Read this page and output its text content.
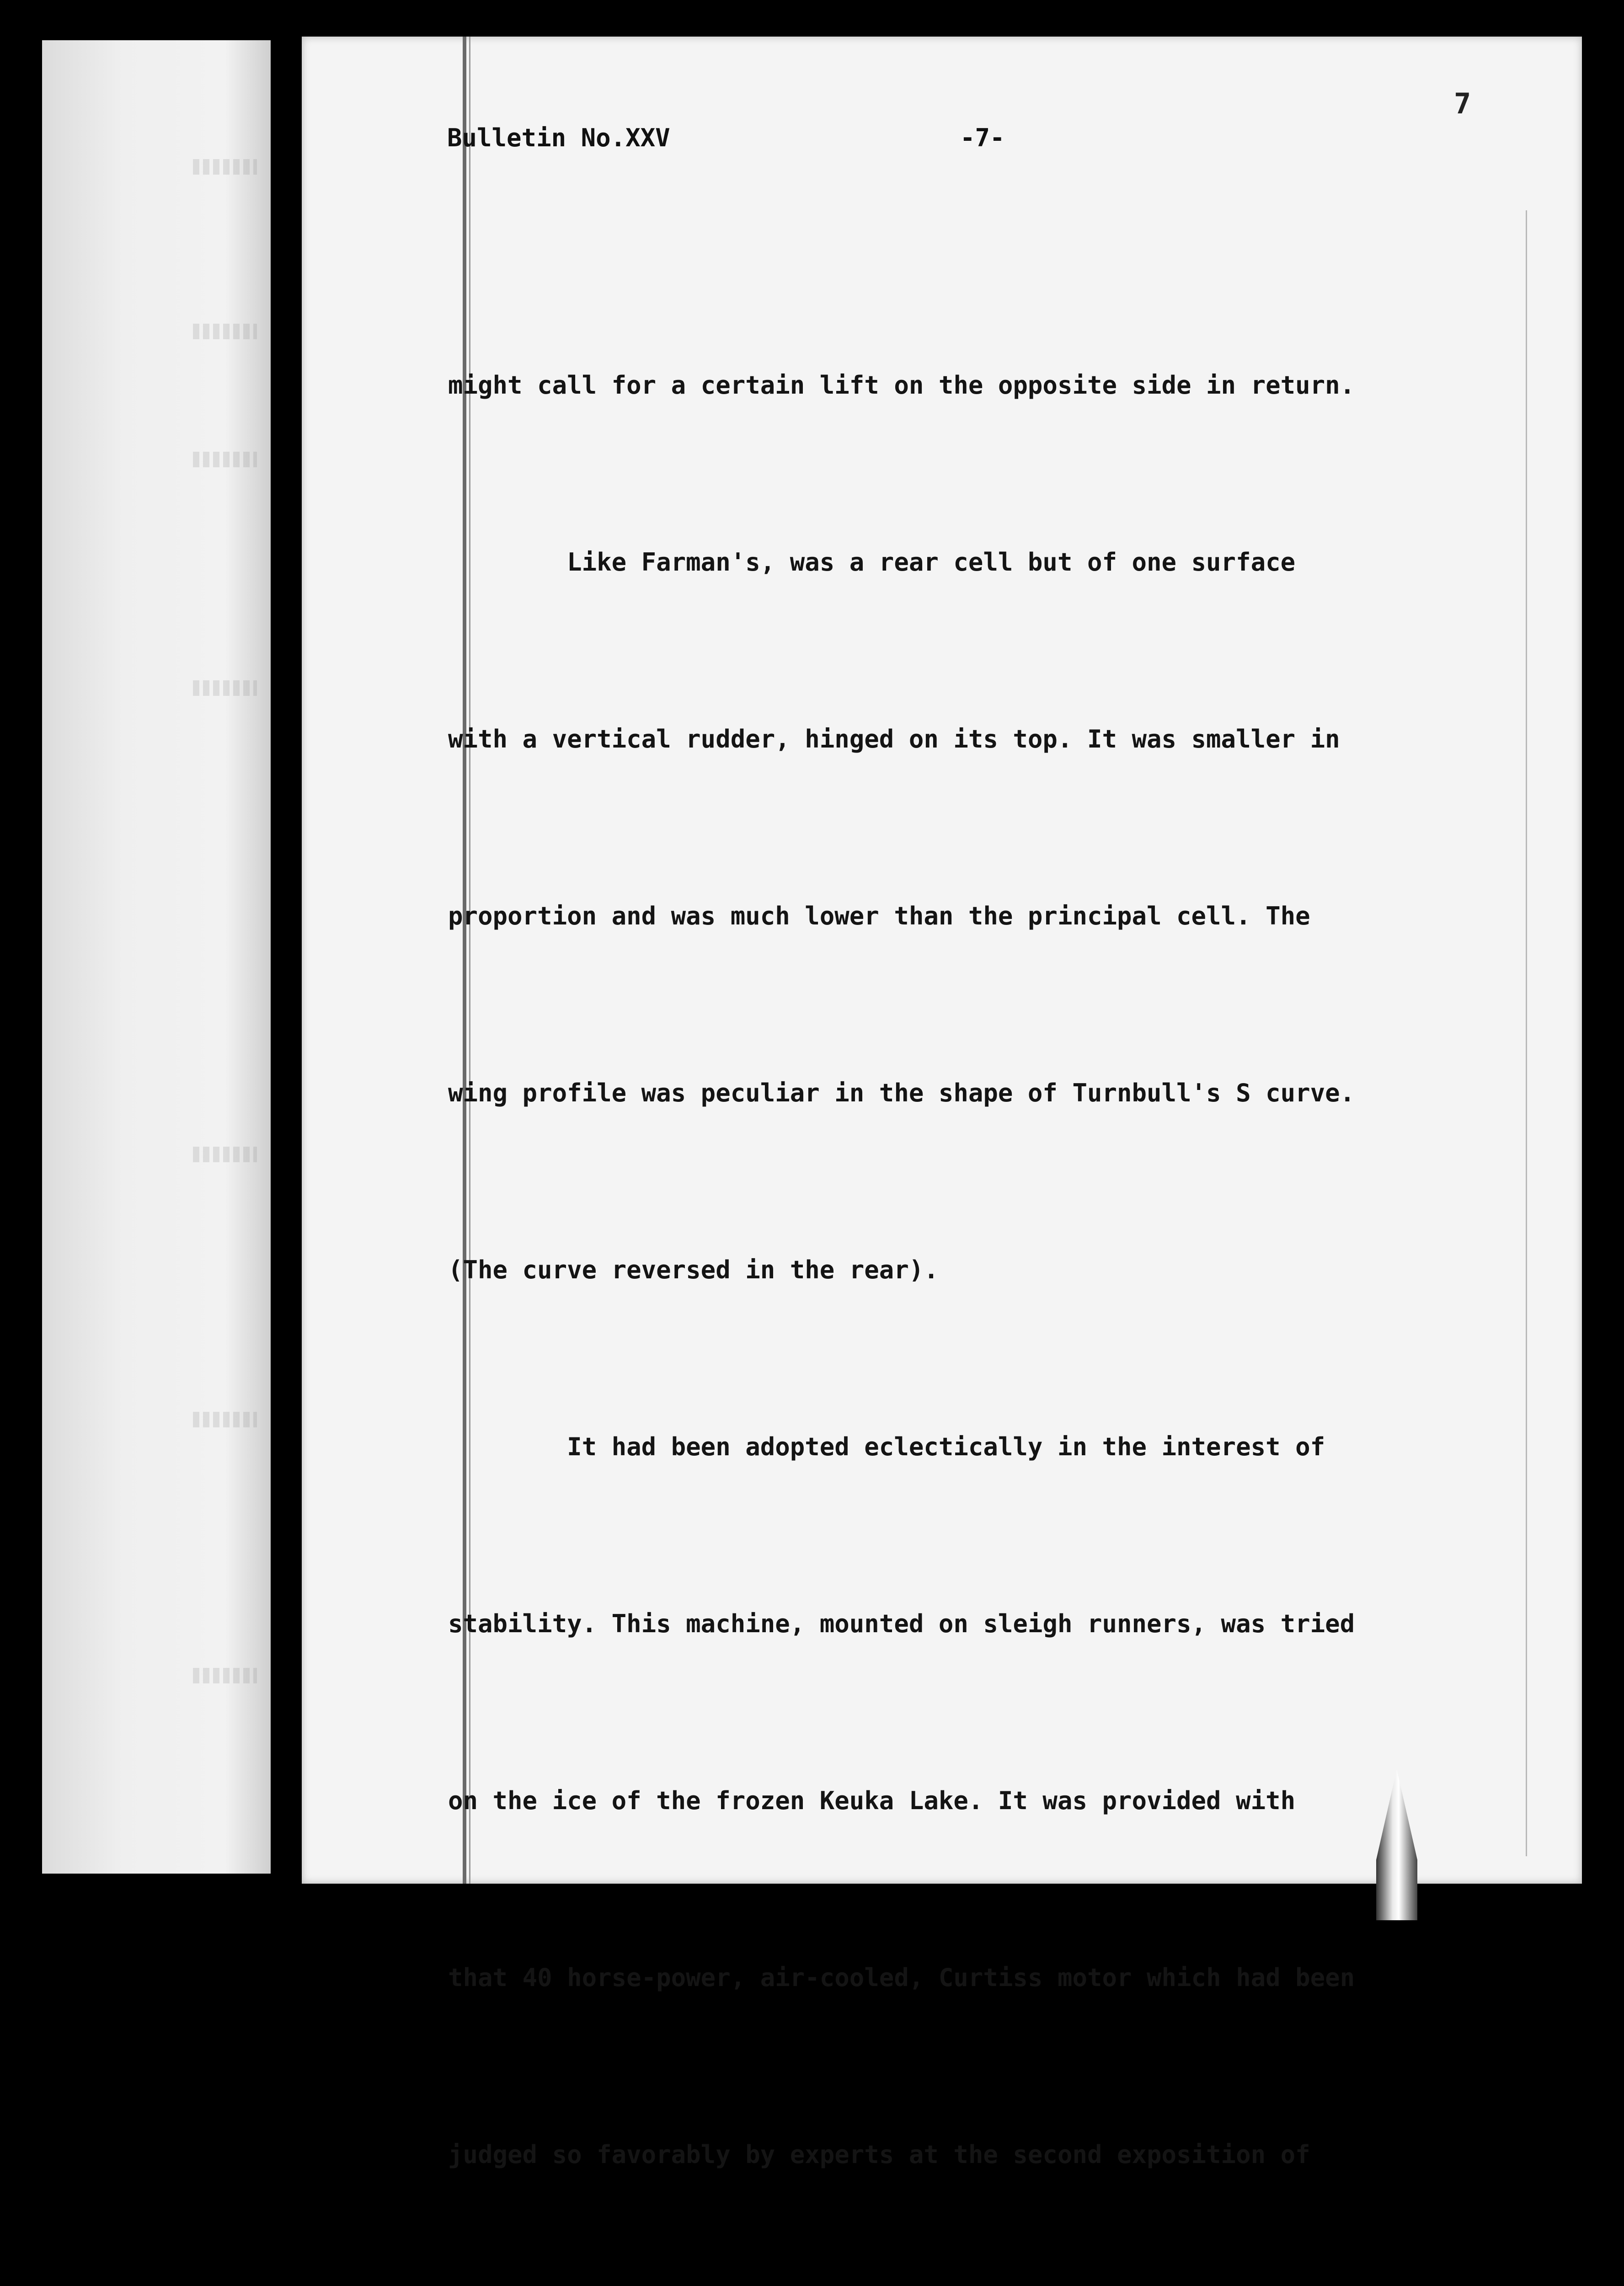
7
Bulletin No.XXV	-7-

might call for a certain lift on the opposite side in return.

Like Farman's, was a rear cell but of one surface

with a vertical rudder, hinged on its top. It was smaller in

proportion and was much lower than the principal cell. The

wing profile was peculiar in the shape of Turnbull's S curve.

(The curve reversed in the rear).

It had been adopted eclectically in the interest of

stability. This machine, mounted on sleigh runners, was tried

on the ice of the frozen Keuka Lake. It was provided with

that 40 horse-power, air-cooled, Curtiss motor which had been

judged so favorably by experts at the second exposition of
